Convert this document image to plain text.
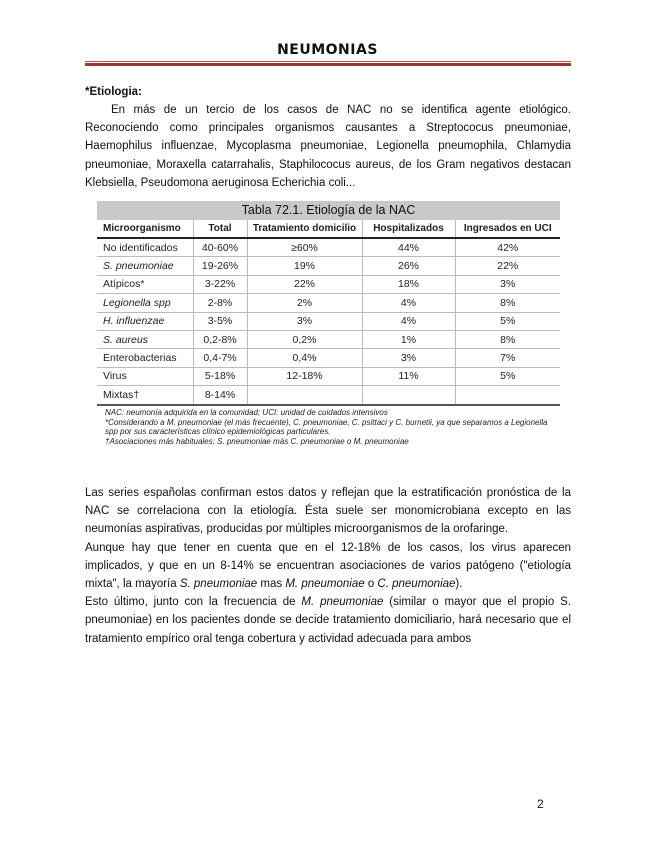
NEUMONIAS
*Etiologia:

En más de un tercio de los casos de NAC no se identifica agente etiológico. Reconociendo como principales organismos causantes a Streptococus pneumoniae, Haemophilus influenzae, Mycoplasma pneumoniae, Legionella pneumophila, Chlamydia pneumoniae, Moraxella catarrahalis, Staphilococus aureus, de los Gram negativos destacan Klebsiella, Pseudomona aeruginosa Echerichia coli...

Tabla 72.1. Etiología de la NAC
Microorganismo	Total	Tratamiento domicilio	Hospitalizados	Ingresados en UCI
No identificados	40-60%	≥60%	44%	42%
S. pneumoniae	19-26%	19%	26%	22%
Atípicos*	3-22%	22%	18%	3%
Legionella spp	2-8%	2%	4%	8%
H. influenzae	3-5%	3%	4%	5%
S. aureus	0,2-8%	0,2%	1%	8%
Enterobacterias	0,4-7%	0,4%	3%	7%
Virus	5-18%	12-18%	11%	5%
Mixtas†	8-14%			
NAC: neumonía adquirida en la comunidad; UCI: unidad de cuidados intensivos
*Considerando a M. pneumoniae (el más frecuente), C. pneumoniae, C. psittaci y C. burnetii, ya que separamos a Legionella spp por sus características clínico epidemiológicas particulares.
†Asociaciones más habituales: S. pneumoniae más C. pneumoniae o M. pneumoniae
Las series españolas confirman estos datos y reflejan que la estratificación pronóstica de la NAC se correlaciona con la etiología. Ésta suele ser monomicrobiana excepto en las neumonías aspirativas, producidas por múltiples microorganismos de la orofaringe.
Aunque hay que tener en cuenta que en el 12-18% de los casos, los virus aparecen implicados, y que en un 8-14% se encuentran asociaciones de varios patógeno ("etiología mixta", la mayoría S. pneumoniae mas M. pneumoniae o C. pneumoniae).
Esto último, junto con la frecuencia de M. pneumoniae (similar o mayor que el propio S. pneumoniae) en los pacientes donde se decide tratamiento domiciliario, hará necesario que el tratamiento empírico oral tenga cobertura y actividad adecuada para ambos
2
